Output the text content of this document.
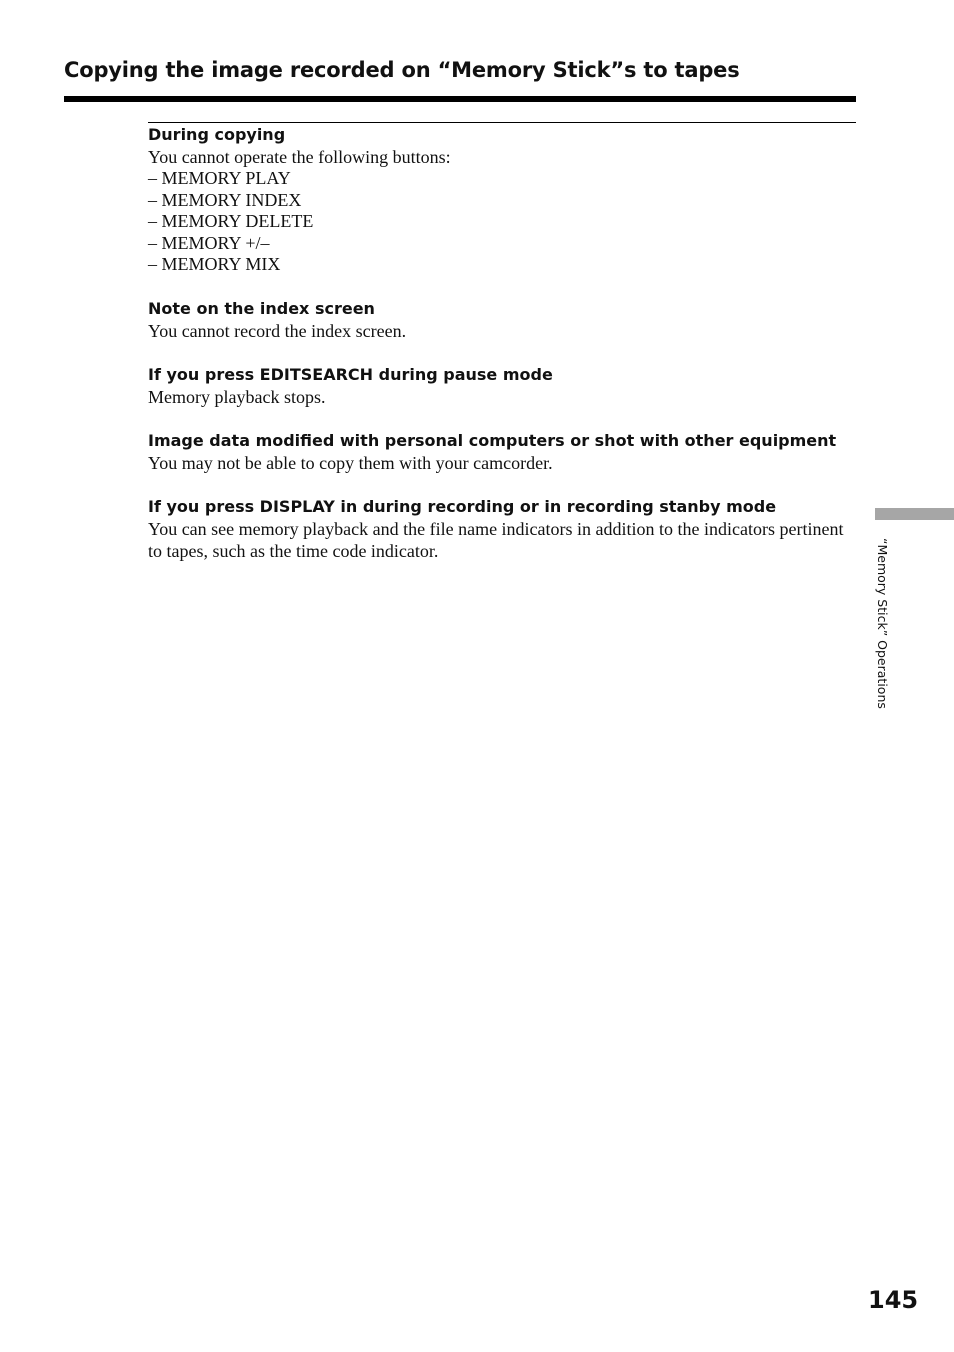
Copying the image recorded on “Memory Stick”s to tapes
During copying

You cannot operate the following buttons:

– MEMORY PLAY
– MEMORY INDEX
– MEMORY DELETE
– MEMORY +/–
– MEMORY MIX
Note on the index screen

You cannot record the index screen.

If you press EDITSEARCH during pause mode

Memory playback stops.

Image data modified with personal computers or shot with other equipment

You may not be able to copy them with your camcorder.

If you press DISPLAY in during recording or in recording stanby mode

You can see memory playback and the file name indicators in addition to the indicators pertinent to tapes, such as the time code indicator.	“Memory Stick” Operations
145
